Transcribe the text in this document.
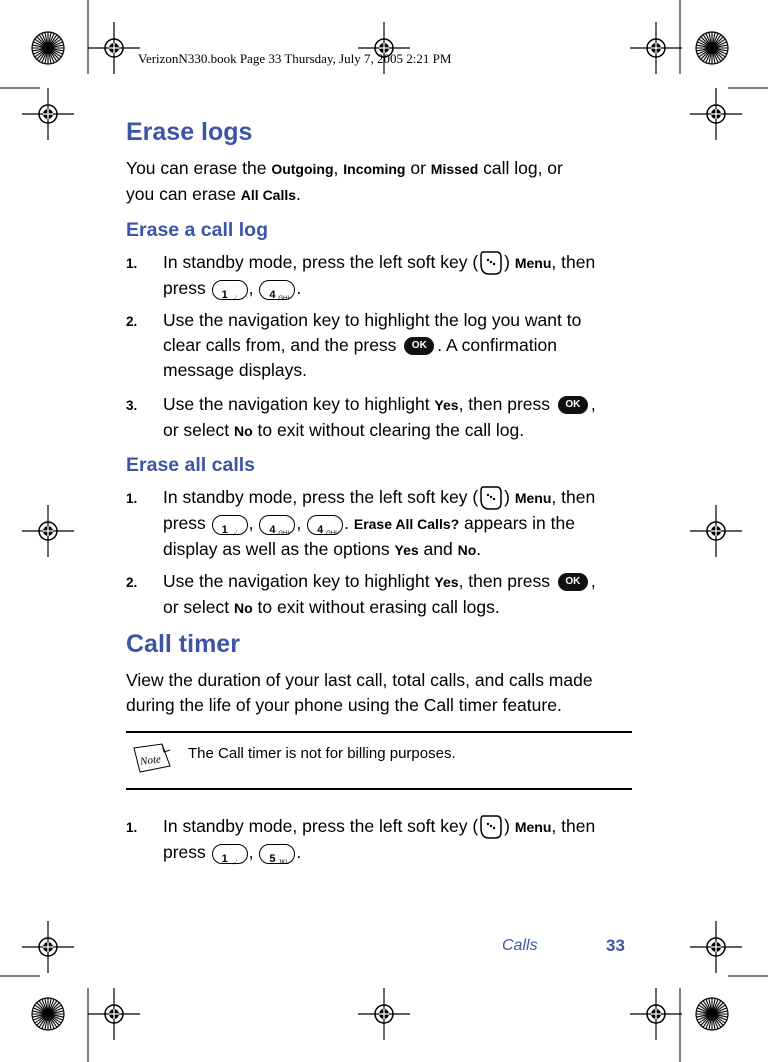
VerizonN330.book Page 33 Thursday, July 7, 2005 2:21 PM
Erase logs

You can erase the Outgoing, Incoming or Missed call log, or
you can erase All Calls.

Erase a call log
1. In standby mode, press the left soft key ( ) Menu, then
press 1 .,-'
, 4 GHI
.
2. Use the navigation key to highlight the log you want to
clear calls from, and the press OK . A confirmation
message displays.
3. Use the navigation key to highlight Yes, then press OK ,
or select No to exit without clearing the call log.
Erase all calls
1. In standby mode, press the left soft key ( ) Menu, then
press 1 .,-'
, 4 GHI
, 4 GHI
. Erase All Calls? appears in the
display as well as the options Yes and No.
2. Use the navigation key to highlight Yes, then press OK ,
or select No to exit without erasing call logs.
Call timer

View the duration of your last call, total calls, and calls made
during the life of your phone using the Call timer feature.

Note The Call timer is not for billing purposes.
1. In standby mode, press the left soft key ( ) Menu, then
press 1 .,-'
, 5 JKL
.
Calls	33
